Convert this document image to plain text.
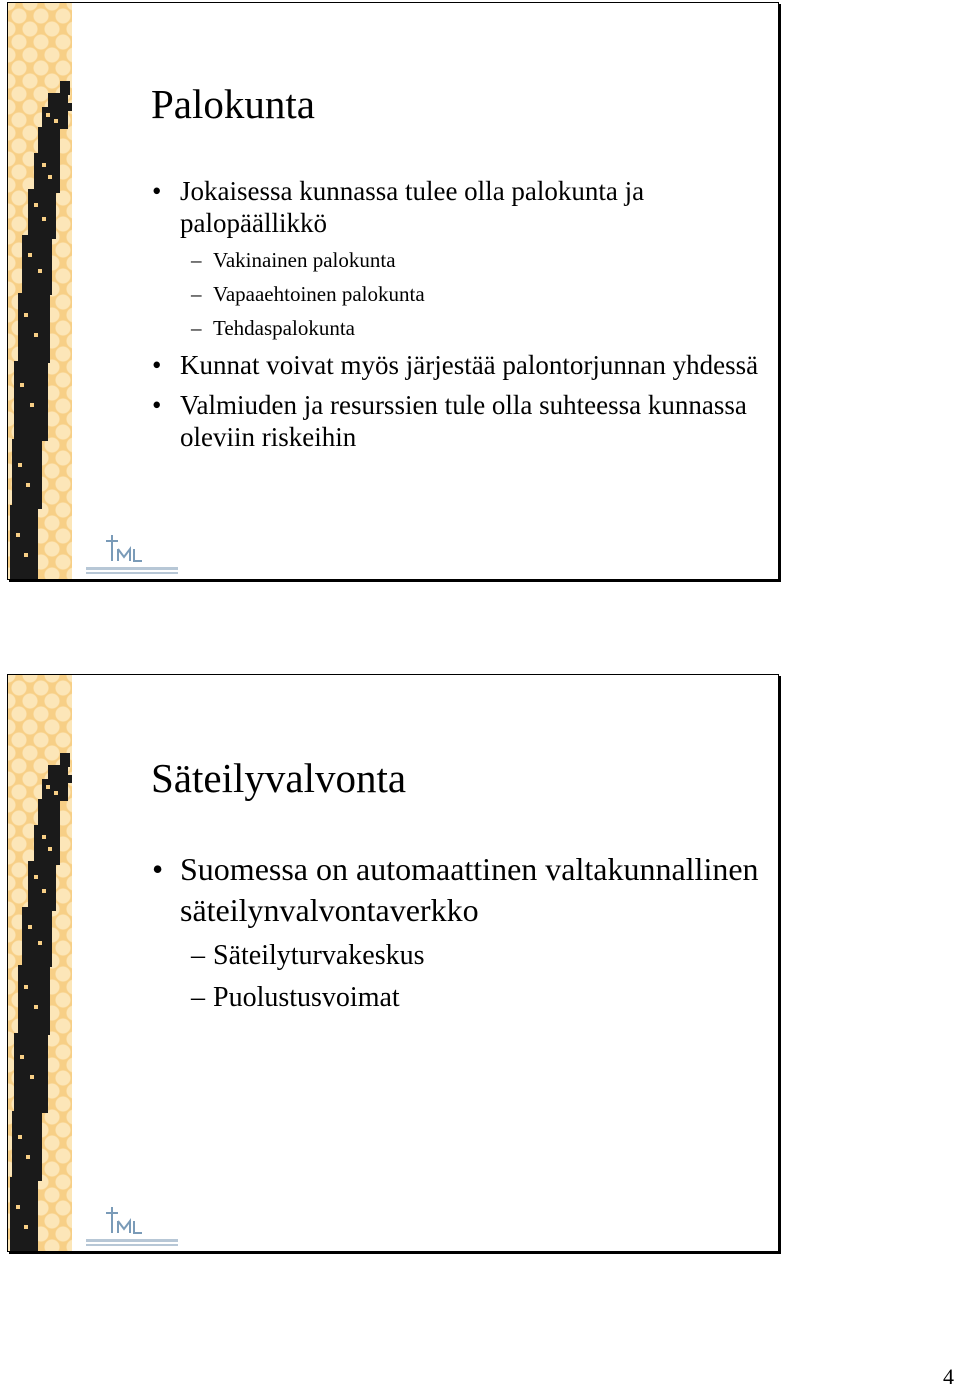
Palokunta
• Jokaisessa kunnassa tulee olla palokunta ja palopäällikkö
– Vakinainen palokunta
– Vapaaehtoinen palokunta
– Tehdaspalokunta
• Kunnat voivat myös järjestää palontorjunnan yhdessä
• Valmiuden ja resurssien tule olla suhteessa kunnassa oleviin riskeihin
Säteilyvalvonta
• Suomessa on automaattinen valtakunnallinen säteilynvalvontaverkko
– Säteilyturvakeskus
– Puolustusvoimat
4
